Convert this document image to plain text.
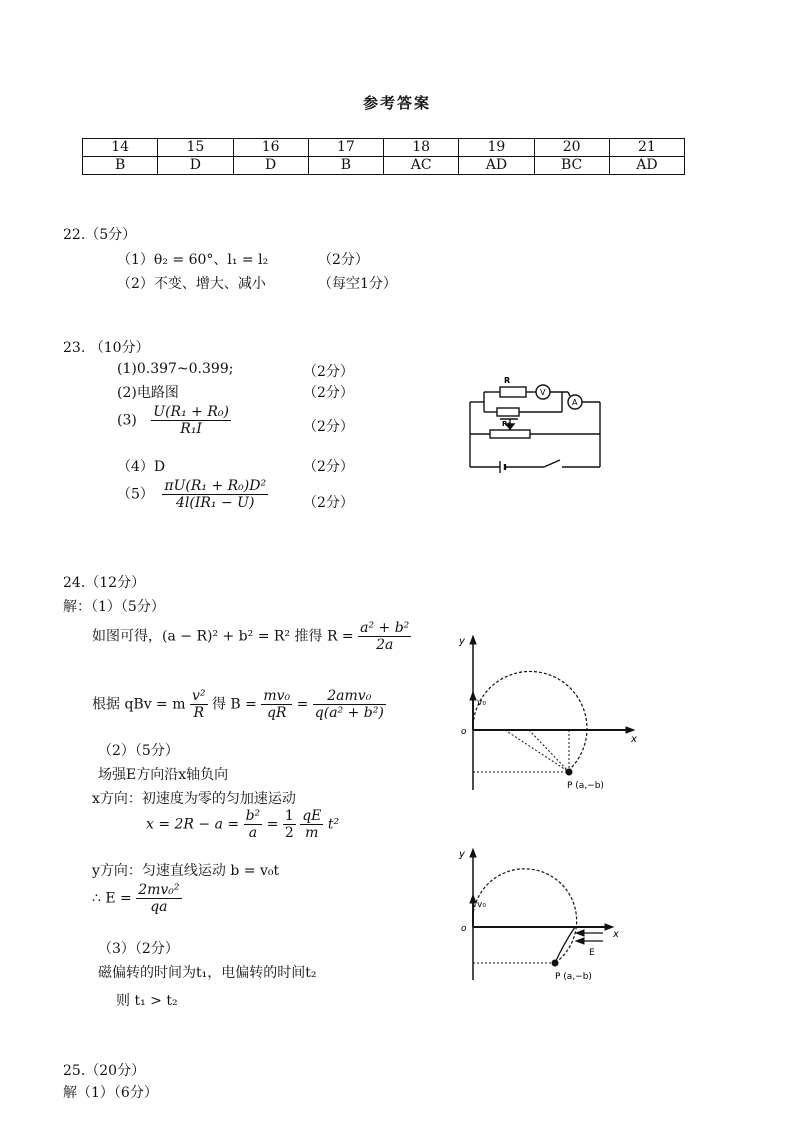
参考答案
14	15	16	17	18	19	20	21
B	D	D	B	AC	AD	BC	AD
22.（5分）
（1）θ₂ = 60°、l₁ = l₂	（2分）
（2）不变、增大、减小	（每空1分）
23. （10分）
(1)0.397~0.399;	（2分）
(2)电路图	（2分）
$(3) \frac{\text{U(R₁ + R₀)}}{\text{R₁I}}$	（2分）
（4）D	（2分）
$(5) \frac{\text{πU(R₁ + R₀)D²}}{\text{4l(IR₁ − U)}} (2$分）
R
V
A
R₁
24.（12分）
解：（1）（5分）
如图可得，(a − R)² + b² = R² 推得 $R = \frac{\text{a² + b²}}{2a}$
根据 qBv = m $\frac{\text{v²}}{R}$ 得 $B = \frac{\text{mv₀}}{qR} = \frac{\text{2amv₀}}{\text{q(a² + b²)}}$
（2）（5分）
场强E方向沿x轴负向
x方向：初速度为零的匀加速运动
$x = 2R - a = \frac{\text{b²}}{a} = \frac{1}{2}$
$\frac{qE}{m} t^2$
y方向：匀速直线运动 b = v₀t
∴ $E = \frac{\text{2mv₀²}}{qa}$
（3）（2分）
磁偏转的时间为t₁，电偏转的时间t₂
则 t₁ > t₂
y
x
o
v₀
P (a,−b)
y
x
o
v₀
E
P (a,−b)
25.（20分）
解（1）（6分）
